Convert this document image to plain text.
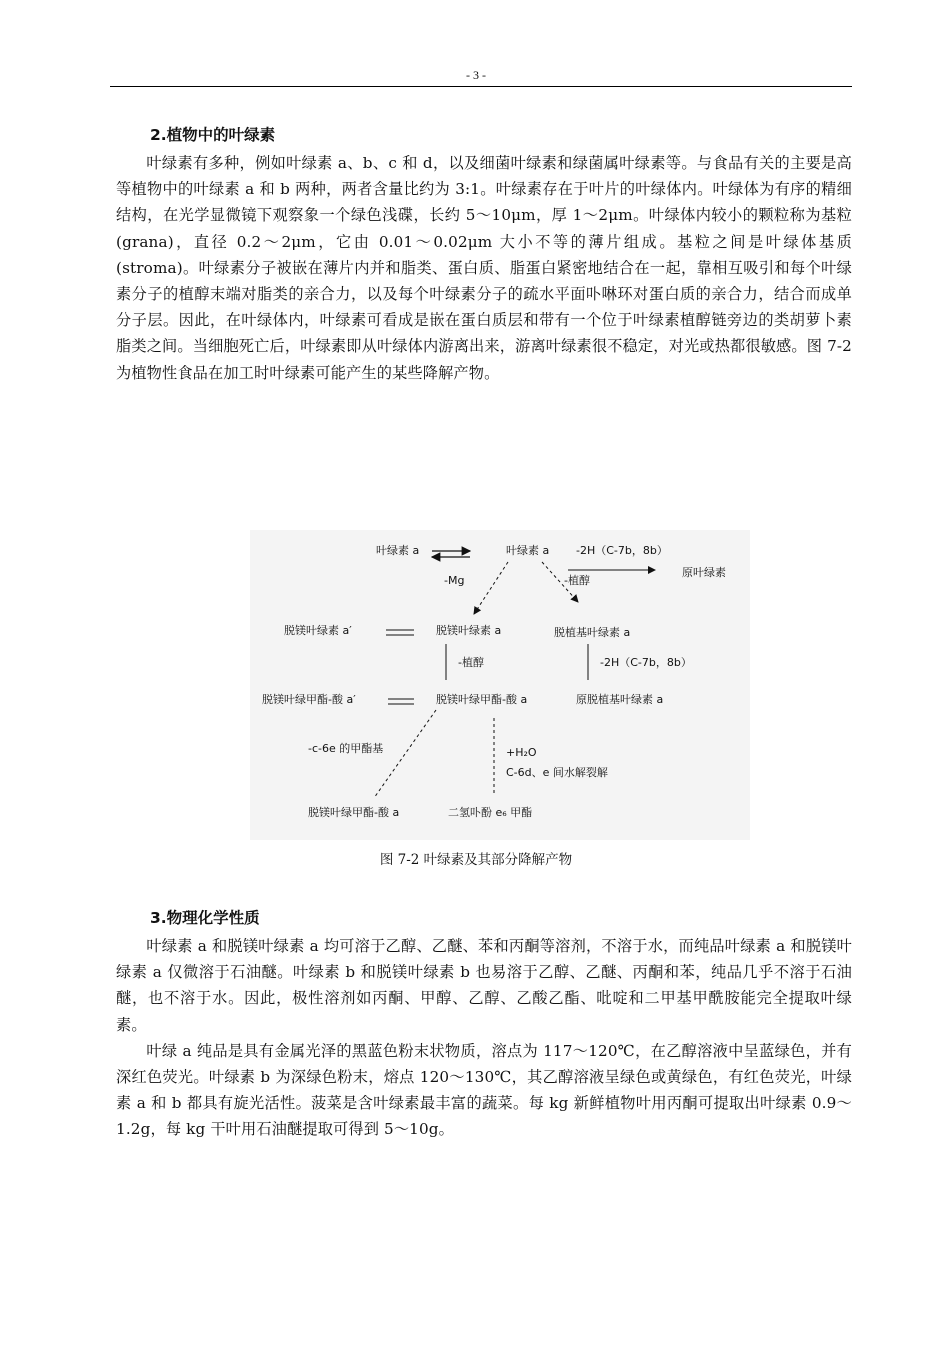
- 3 -
2.植物中的叶绿素

叶绿素有多种，例如叶绿素 a、b、c 和 d，以及细菌叶绿素和绿菌属叶绿素等。与食品有关的主要是高等植物中的叶绿素 a 和 b 两种，两者含量比约为 3:1。叶绿素存在于叶片的叶绿体内。叶绿体为有序的精细结构，在光学显微镜下观察象一个绿色浅碟，长约 5～10μm，厚 1～2μm。叶绿体内较小的颗粒称为基粒(grana)，直径 0.2～2μm，它由 0.01～0.02μm 大小不等的薄片组成。基粒之间是叶绿体基质(stroma)。叶绿素分子被嵌在薄片内并和脂类、蛋白质、脂蛋白紧密地结合在一起，靠相互吸引和每个叶绿素分子的植醇末端对脂类的亲合力，以及每个叶绿素分子的疏水平面卟啉环对蛋白质的亲合力，结合而成单分子层。因此，在叶绿体内，叶绿素可看成是嵌在蛋白质层和带有一个位于叶绿素植醇链旁边的类胡萝卜素脂类之间。当细胞死亡后，叶绿素即从叶绿体内游离出来，游离叶绿素很不稳定，对光或热都很敏感。图 7-2 为植物性食品在加工时叶绿素可能产生的某些降解产物。

叶绿素 a
-Mg
叶绿素 a -2H（C-7b，8b）
原叶绿素
-植醇
脱镁叶绿素 a′	脱镁叶绿素 a	脱植基叶绿素 a
-植醇	-2H（C-7b，8b）
脱镁叶绿甲酯-酸 a′	脱镁叶绿甲酯-酸 a	原脱植基叶绿素 a
-c-6e 的甲酯基	+H₂O
C-6d、e 间水解裂解
脱镁叶绿甲酯-酸 a	二氢卟酚 e₆ 甲酯
图 7-2 叶绿素及其部分降解产物
3.物理化学性质

叶绿素 a 和脱镁叶绿素 a 均可溶于乙醇、乙醚、苯和丙酮等溶剂，不溶于水，而纯品叶绿素 a 和脱镁叶绿素 a 仅微溶于石油醚。叶绿素 b 和脱镁叶绿素 b 也易溶于乙醇、乙醚、丙酮和苯，纯品几乎不溶于石油醚，也不溶于水。因此，极性溶剂如丙酮、甲醇、乙醇、乙酸乙酯、吡啶和二甲基甲酰胺能完全提取叶绿素。

叶绿 a 纯品是具有金属光泽的黑蓝色粉末状物质，溶点为 117～120℃，在乙醇溶液中呈蓝绿色，并有深红色荧光。叶绿素 b 为深绿色粉末，熔点 120～130℃，其乙醇溶液呈绿色或黄绿色，有红色荧光，叶绿素 a 和 b 都具有旋光活性。菠菜是含叶绿素最丰富的蔬菜。每 kg 新鲜植物叶用丙酮可提取出叶绿素 0.9～1.2g，每 kg 干叶用石油醚提取可得到 5～10g。
